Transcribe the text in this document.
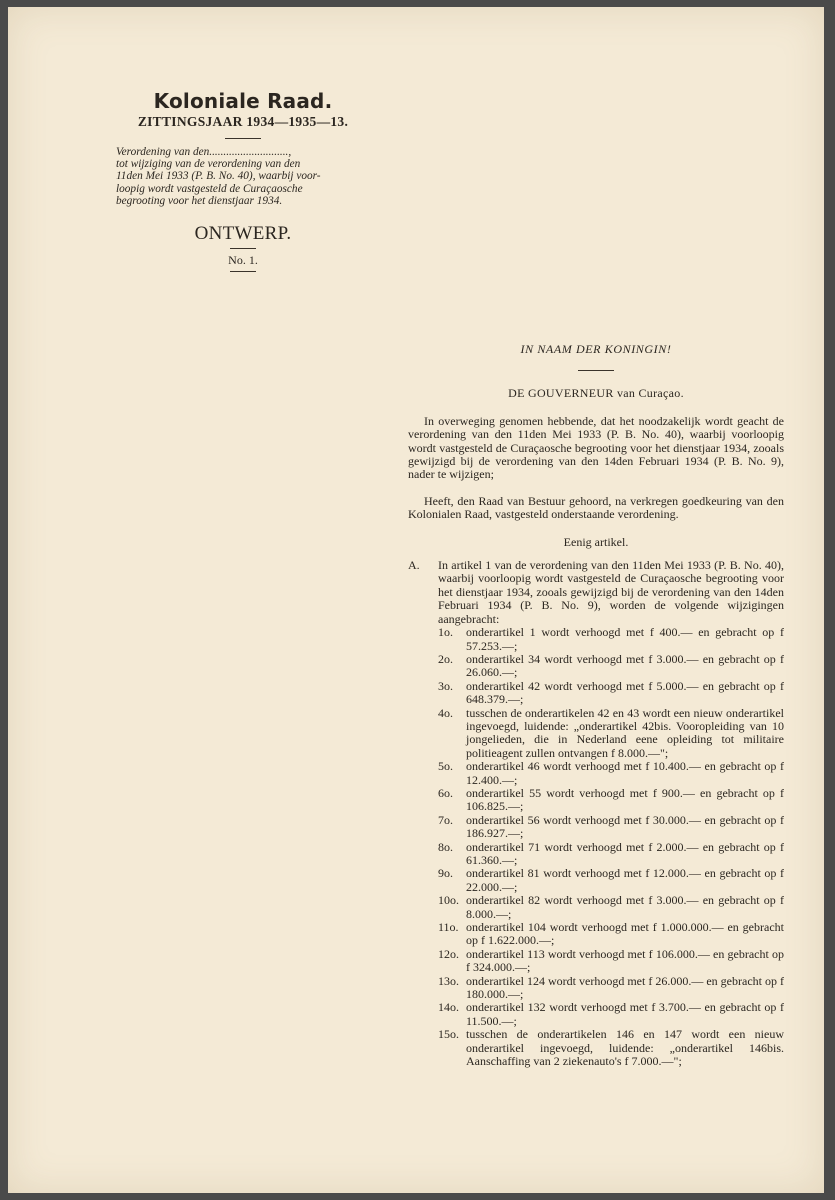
Koloniale Raad.

ZITTINGSJAAR 1934—1935—13.

Verordening van den............................,
tot wijziging van de verordening van den
11den Mei 1933 (P. B. No. 40), waarbij voor-
loopig wordt vastgesteld de Curaçaosche
begrooting voor het dienstjaar 1934.
ONTWERP.
No. 1.

IN NAAM DER KONINGIN!

DE GOUVERNEUR van Curaçao.

In overweging genomen hebbende, dat het noodzakelijk wordt geacht de verordening van den 11den Mei 1933 (P. B. No. 40), waarbij voorloopig wordt vastgesteld de Curaçaosche begrooting voor het dienstjaar 1934, zooals gewijzigd bij de verordening van den 14den Februari 1934 (P. B. No. 9), nader te wijzigen;

Heeft, den Raad van Bestuur gehoord, na verkregen goedkeuring van den Kolonialen Raad, vastgesteld onderstaande verordening.

Eenig artikel.

A.	In artikel 1 van de verordening van den 11den Mei 1933 (P. B. No. 40), waarbij voorloopig wordt vastgesteld de Curaçaosche begrooting voor het dienstjaar 1934, zooals gewijzigd bij de verordening van den 14den Februari 1934 (P. B. No. 9), worden de volgende wijzigingen aangebracht:

1o.	onderartikel 1 wordt verhoogd met f 400.— en gebracht op f 57.253.—;
2o.	onderartikel 34 wordt verhoogd met f 3.000.— en gebracht op f 26.060.—;
3o.	onderartikel 42 wordt verhoogd met f 5.000.— en gebracht op f 648.379.—;
4o.	tusschen de onderartikelen 42 en 43 wordt een nieuw onderartikel ingevoegd, luidende: „onderartikel 42bis. Vooropleiding van 10 jongelieden, die in Nederland eene opleiding tot militaire politieagent zullen ontvangen f 8.000.—";
5o.	onderartikel 46 wordt verhoogd met f 10.400.— en gebracht op f 12.400.—;
6o.	onderartikel 55 wordt verhoogd met f 900.— en gebracht op f 106.825.—;
7o.	onderartikel 56 wordt verhoogd met f 30.000.— en gebracht op f 186.927.—;
8o.	onderartikel 71 wordt verhoogd met f 2.000.— en gebracht op f 61.360.—;
9o.	onderartikel 81 wordt verhoogd met f 12.000.— en gebracht op f 22.000.—;
10o. onderartikel 82 wordt verhoogd met f 3.000.— en gebracht op f 8.000.—;
11o. onderartikel 104 wordt verhoogd met f 1.000.000.— en gebracht op f 1.622.000.—;
12o. onderartikel 113 wordt verhoogd met f 106.000.— en gebracht op f 324.000.—;
13o. onderartikel 124 wordt verhoogd met f 26.000.— en gebracht op f 180.000.—;
14o. onderartikel 132 wordt verhoogd met f 3.700.— en gebracht op f 11.500.—;
15o. tusschen de onderartikelen 146 en 147 wordt een nieuw onderartikel ingevoegd, luidende: „onderartikel 146bis. Aanschaffing van 2 ziekenauto's f 7.000.—";
